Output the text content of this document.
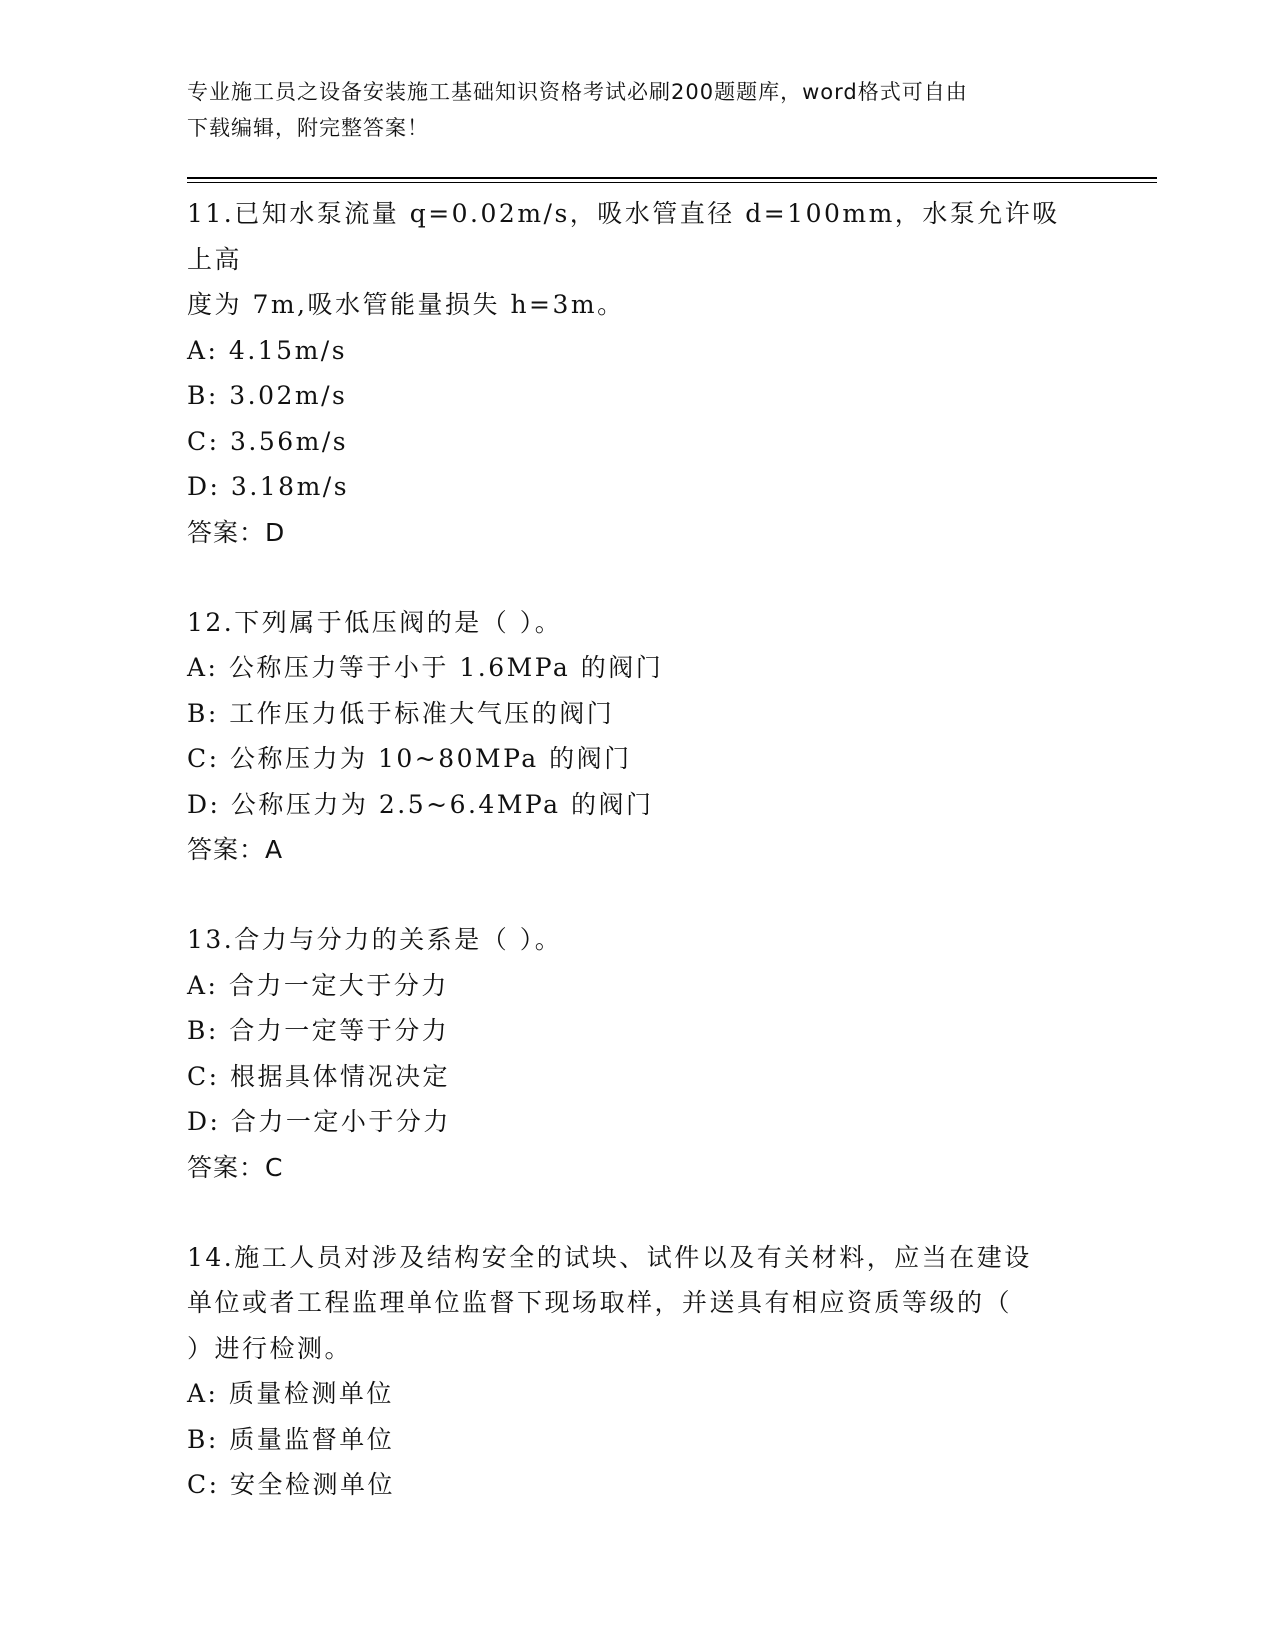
专业施工员之设备安装施工基础知识资格考试必刷200题题库，word格式可自由
下载编辑，附完整答案！
11.已知水泵流量 q=0.02m/s，吸水管直径 d=100mm，水泵允许吸上高
度为 7m,吸水管能量损失 h=3m。
A: 4.15m/s
B: 3.02m/s
C: 3.56m/s
D: 3.18m/s
答案：D
12.下列属于低压阀的是（ ）。
A: 公称压力等于小于 1.6MPa 的阀门
B: 工作压力低于标准大气压的阀门
C: 公称压力为 10~80MPa 的阀门
D: 公称压力为 2.5~6.4MPa 的阀门
答案：A
13.合力与分力的关系是（ ）。
A: 合力一定大于分力
B: 合力一定等于分力
C: 根据具体情况决定
D: 合力一定小于分力
答案：C
14.施工人员对涉及结构安全的试块、试件以及有关材料，应当在建设
单位或者工程监理单位监督下现场取样，并送具有相应资质等级的（
）进行检测。
A: 质量检测单位
B: 质量监督单位
C: 安全检测单位
